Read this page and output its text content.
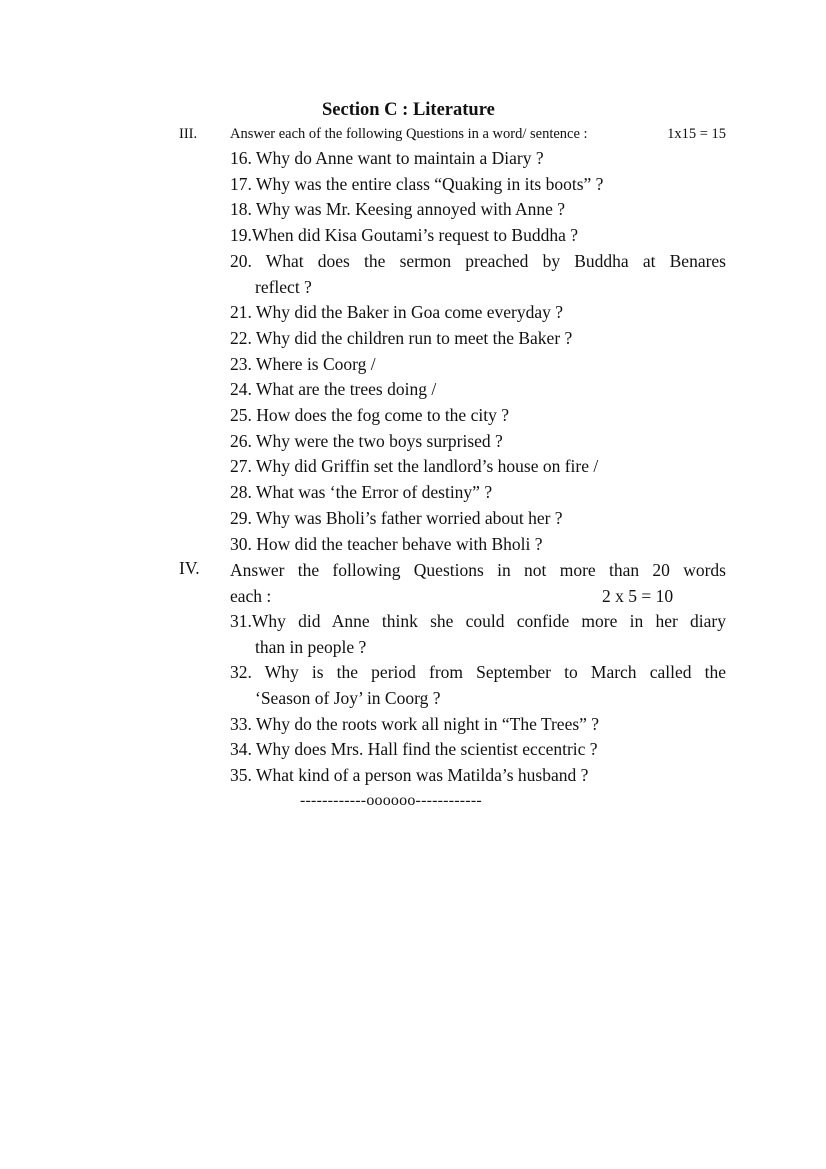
Section C : Literature
III. Answer each of the following Questions in a word/ sentence :	1x15 = 15
16. Why do Anne want to maintain a Diary ?
17. Why was the entire class “Quaking in its boots” ?
18. Why was Mr. Keesing annoyed with Anne ?
19.When did Kisa Goutami’s request to Buddha ?
20. What does the sermon preached by Buddha at Benares
reflect ?
21. Why did the Baker in Goa come everyday ?
22. Why did the children run to meet the Baker ?
23. Where is Coorg /
24. What are the trees doing /
25. How does the fog come to the city ?
26. Why were the two boys surprised ?
27. Why did Griffin set the landlord’s house on fire /
28. What was ‘the Error of destiny” ?
29. Why was Bholi’s father worried about her ?
30. How did the teacher behave with Bholi ?
IV. Answer the following Questions in not more than 20 words
each :	2 x 5 = 10
31.Why did Anne think she could confide more in her diary
than in people ?
32. Why is the period from September to March called the
‘Season of Joy’ in Coorg ?
33. Why do the roots work all night in “The Trees” ?
34. Why does Mrs. Hall find the scientist eccentric ?
35. What kind of a person was Matilda’s husband ?
------------oooooo------------
